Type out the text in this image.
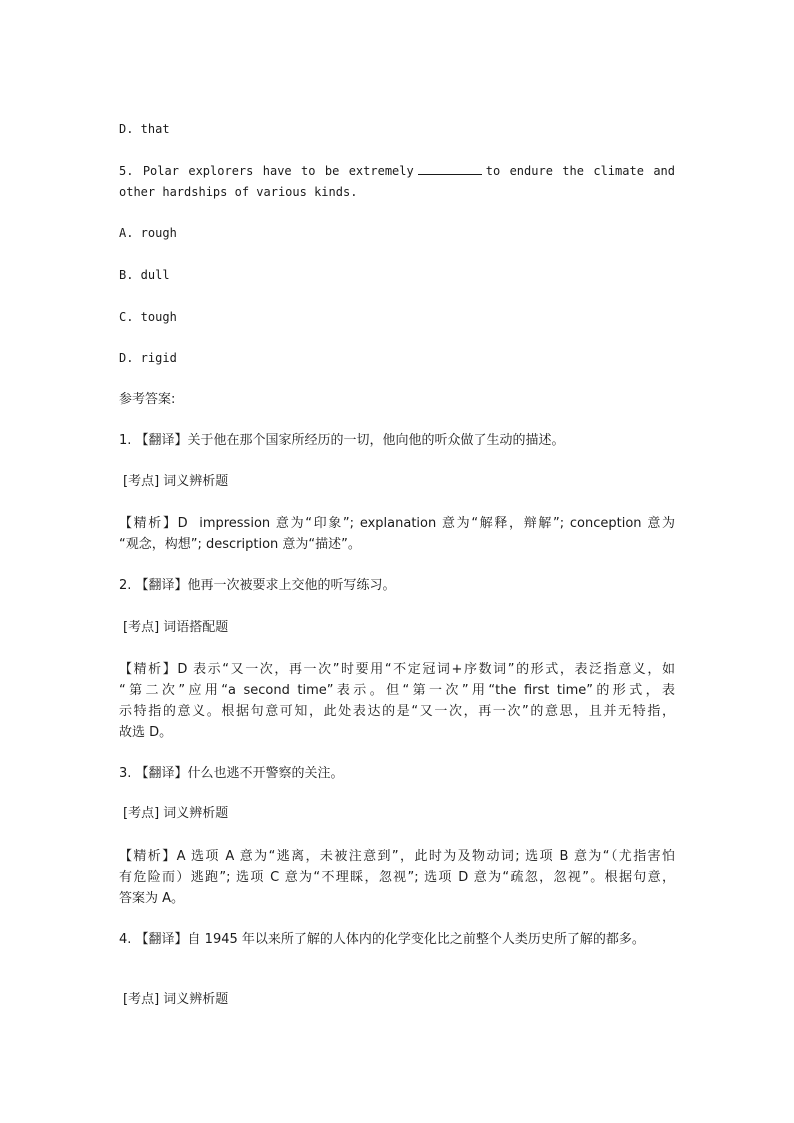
D. that
5. Polar explorers have to be extremely	to endure the climate and
other hardships of various kinds.
A. rough
B. dull
C. tough
D. rigid
参考答案:
1. 【翻译】关于他在那个国家所经历的一切，他向他的听众做了生动的描述。
[考点] 词义辨析题
【精析】D  impression 意为“印象”; explanation 意为“解释，辩解”; conception 意为
“观念，构想”; description 意为“描述”。
2. 【翻译】他再一次被要求上交他的听写练习。
[考点] 词语搭配题
【精析】D 表示“又一次，再一次”时要用“不定冠词+序数词”的形式，表泛指意义，如
“第二次”应用“a second time”表示。但“第一次”用“the first time”的形式，表
示特指的意义。根据句意可知，此处表达的是“又一次，再一次”的意思，且并无特指，
故选 D。
3. 【翻译】什么也逃不开警察的关注。
[考点] 词义辨析题
【精析】A 选项 A 意为“逃离，未被注意到”，此时为及物动词; 选项 B 意为“（尤指害怕
有危险而）逃跑”; 选项 C 意为“不理睬，忽视”; 选项 D 意为“疏忽，忽视”。根据句意，
答案为 A。
4. 【翻译】自 1945 年以来所了解的人体内的化学变化比之前整个人类历史所了解的都多。
[考点] 词义辨析题
